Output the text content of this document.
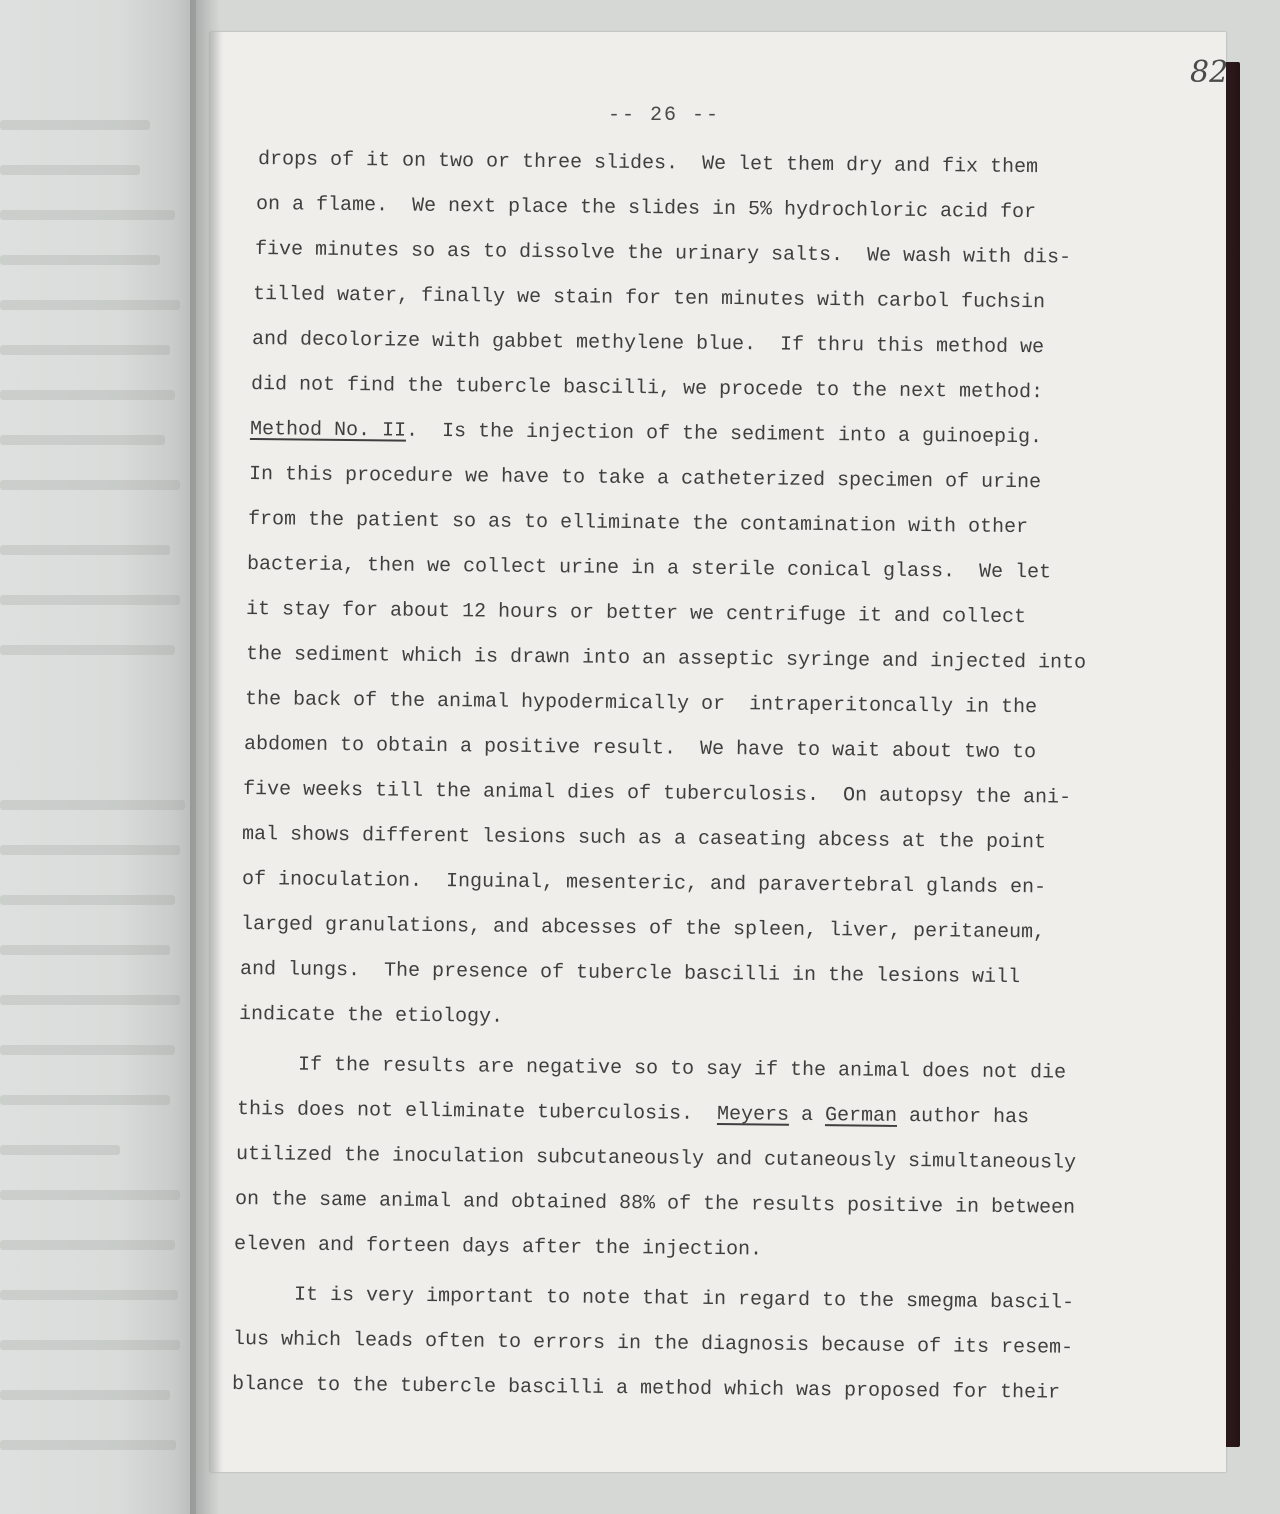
82
-- 26 --
drops of it on two or three slides.  We let them dry and fix them
on a flame.  We next place the slides in 5% hydrochloric acid for
five minutes so as to dissolve the urinary salts.  We wash with dis-
tilled water, finally we stain for ten minutes with carbol fuchsin
and decolorize with gabbet methylene blue.  If thru this method we
did not find the tubercle bascilli, we procede to the next method:
Method No. II.  Is the injection of the sediment into a guinoepig.
In this procedure we have to take a catheterized specimen of urine
from the patient so as to elliminate the contamination with other
bacteria, then we collect urine in a sterile conical glass.  We let
it stay for about 12 hours or better we centrifuge it and collect
the sediment which is drawn into an asseptic syringe and injected into
the back of the animal hypodermically or  intraperitoncally in the
abdomen to obtain a positive result.  We have to wait about two to
five weeks till the animal dies of tuberculosis.  On autopsy the ani-
mal shows different lesions such as a caseating abcess at the point
of inoculation.  Inguinal, mesenteric, and paravertebral glands en-
larged granulations, and abcesses of the spleen, liver, peritaneum,
and lungs.  The presence of tubercle bascilli in the lesions will
indicate the etiology.
If the results are negative so to say if the animal does not die
this does not elliminate tuberculosis.  Meyers a German author has
utilized the inoculation subcutaneously and cutaneously simultaneously
on the same animal and obtained 88% of the results positive in between
eleven and forteen days after the injection.
It is very important to note that in regard to the smegma bascil-
lus which leads often to errors in the diagnosis because of its resem-
blance to the tubercle bascilli a method which was proposed for their
